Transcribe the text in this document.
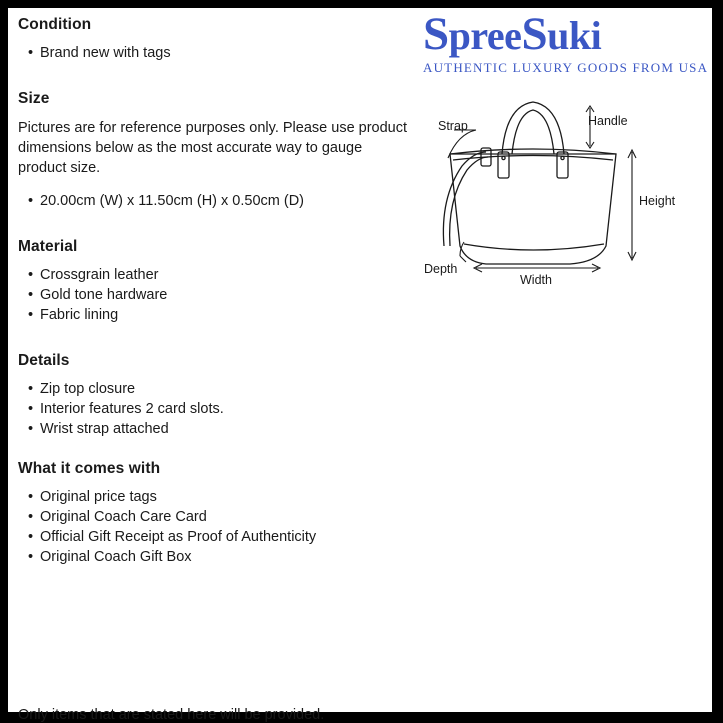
SpreeSuki
AUTHENTIC LUXURY GOODS FROM USA
Strap	Handle
Height
Depth
Width
Condition
• Brand new with tags
Size

Pictures are for reference purposes only. Please use product dimensions below as the most accurate way to gauge product size.

• 20.00cm (W) x 11.50cm (H) x 0.50cm (D)
Material
• Crossgrain leather
• Gold tone hardware
• Fabric lining
Details
• Zip top closure
• Interior features 2 card slots.
• Wrist strap attached
What it comes with
• Original price tags
• Original Coach Care Card
• Official Gift Receipt as Proof of Authenticity
• Original Coach Gift Box
Only items that are stated here will be provided.
